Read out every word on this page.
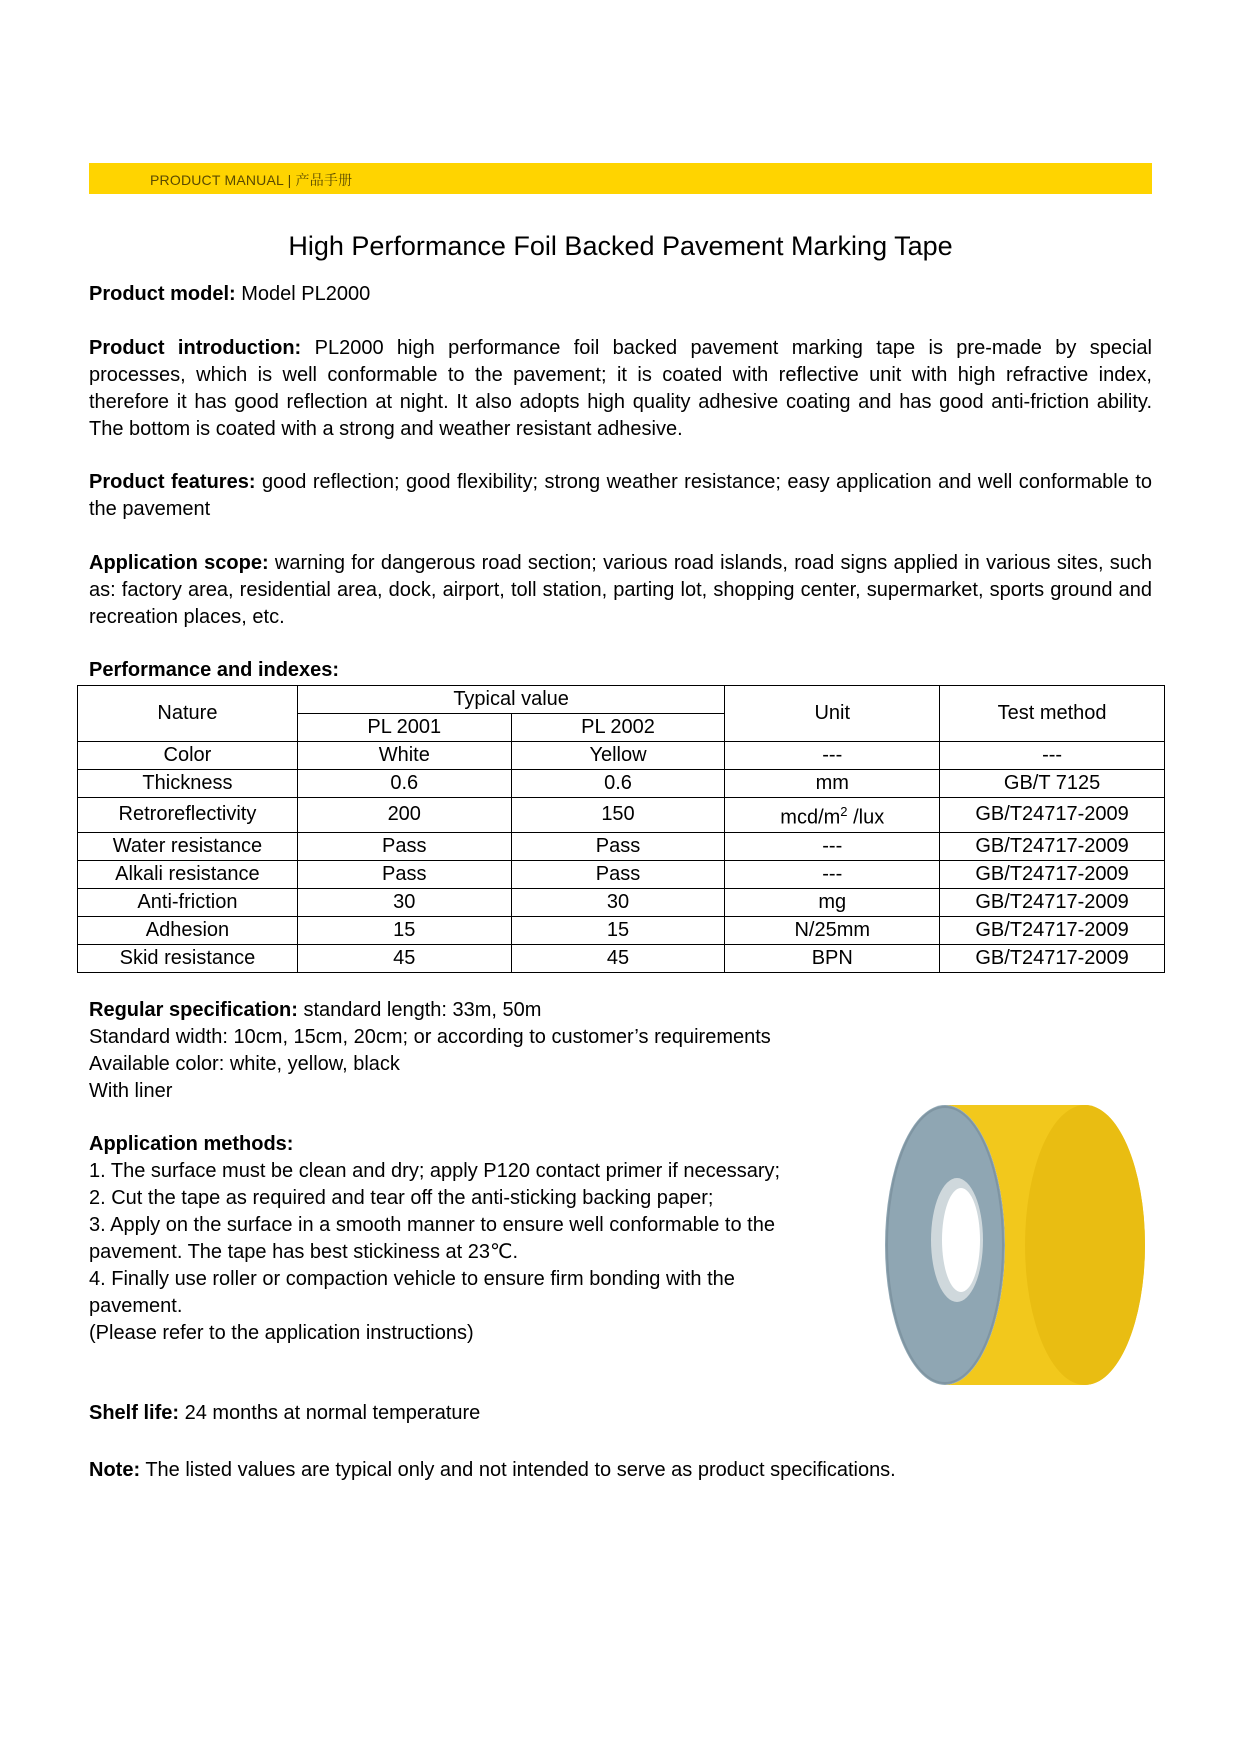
PRODUCT MANUAL | 产品手册
High Performance Foil Backed Pavement Marking Tape

Product model: Model PL2000

Product introduction: PL2000 high performance foil backed pavement marking tape is pre-made by special processes, which is well conformable to the pavement; it is coated with reflective unit with high refractive index, therefore it has good reflection at night. It also adopts high quality adhesive coating and has good anti-friction ability. The bottom is coated with a strong and weather resistant adhesive.

Product features: good reflection; good flexibility; strong weather resistance; easy application and well conformable to the pavement

Application scope: warning for dangerous road section; various road islands, road signs applied in various sites, such as: factory area, residential area, dock, airport, toll station, parting lot, shopping center, supermarket, sports ground and recreation places, etc.

Performance and indexes:
Nature	Typical value		Unit	Test method
	PL 2001	PL 2002		
Color	White	Yellow	---	---
Thickness	0.6	0.6	mm	GB/T 7125
Retroreflectivity	200	150	mcd/$m^2$ /lux	GB/T24717-2009
Water resistance	Pass	Pass	---	GB/T24717-2009
Alkali resistance	Pass	Pass	---	GB/T24717-2009
Anti-friction	30	30	mg	GB/T24717-2009
Adhesion	15	15	N/25mm	GB/T24717-2009
Skid resistance	45	45	BPN	GB/T24717-2009
Regular specification: standard length: 33m, 50m
Standard width: 10cm, 15cm, 20cm; or according to customer’s requirements
Available color: white, yellow, black
With liner

Application methods:

1. The surface must be clean and dry; apply P120 contact primer if necessary;

2. Cut the tape as required and tear off the anti-sticking backing paper;

3. Apply on the surface in a smooth manner to ensure well conformable to the pavement. The tape has best stickiness at 23℃.

4. Finally use roller or compaction vehicle to ensure firm bonding with the pavement.

(Please refer to the application instructions)

Shelf life: 24 months at normal temperature
Note: The listed values are typical only and not intended to serve as product specifications.
